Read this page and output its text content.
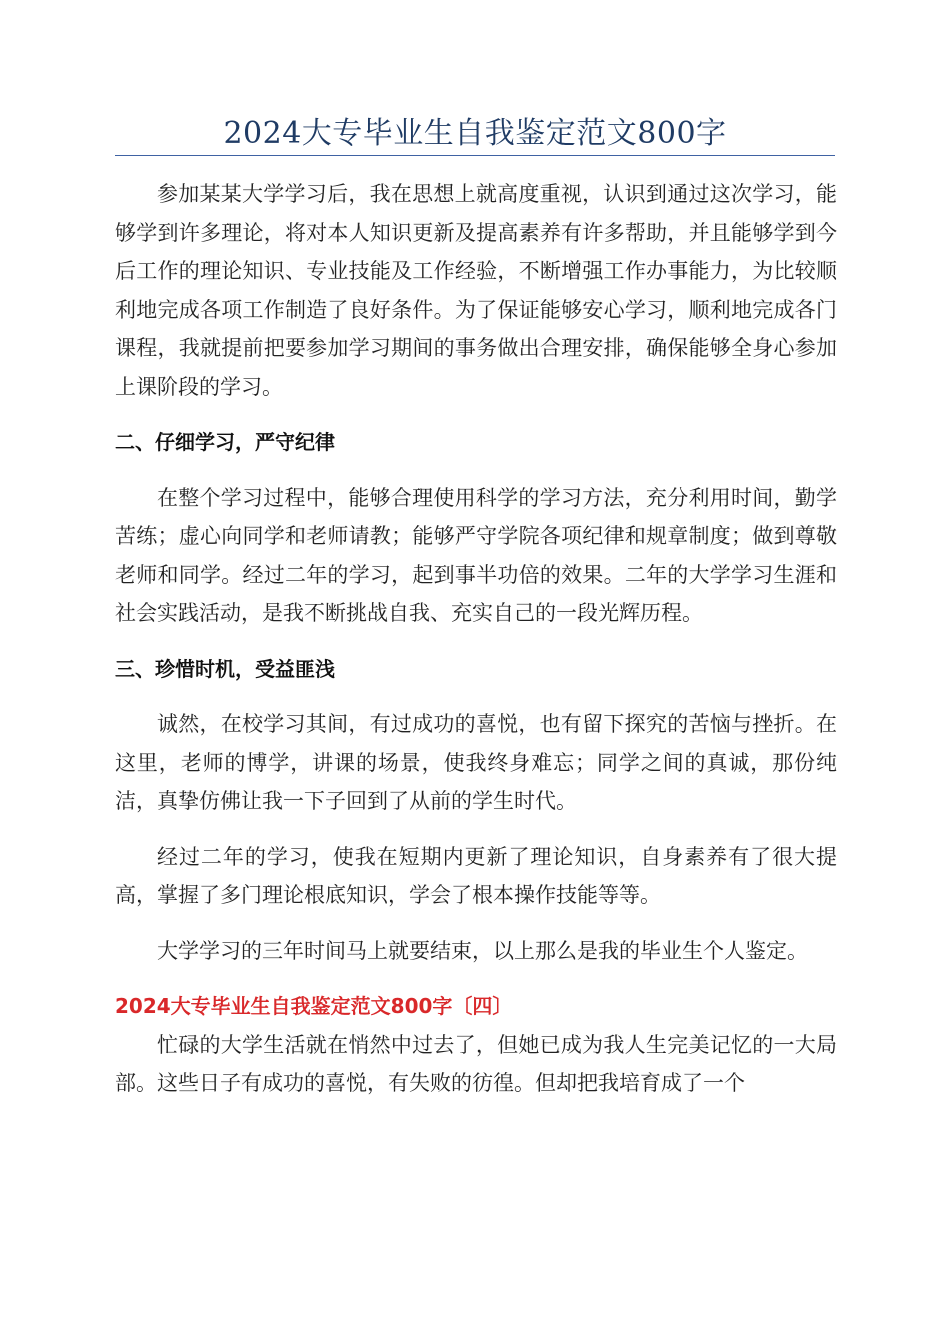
2024大专毕业生自我鉴定范文800字

参加某某大学学习后，我在思想上就高度重视，认识到通过这次学习，能够学到许多理论，将对本人知识更新及提高素养有许多帮助，并且能够学到今后工作的理论知识、专业技能及工作经验，不断增强工作办事能力，为比较顺利地完成各项工作制造了良好条件。为了保证能够安心学习，顺利地完成各门课程，我就提前把要参加学习期间的事务做出合理安排，确保能够全身心参加上课阶段的学习。

二、仔细学习，严守纪律

在整个学习过程中，能够合理使用科学的学习方法，充分利用时间，勤学苦练；虚心向同学和老师请教；能够严守学院各项纪律和规章制度；做到尊敬老师和同学。经过二年的学习，起到事半功倍的效果。二年的大学学习生涯和社会实践活动，是我不断挑战自我、充实自己的一段光辉历程。

三、珍惜时机，受益匪浅

诚然，在校学习其间，有过成功的喜悦，也有留下探究的苦恼与挫折。在这里，老师的博学，讲课的场景，使我终身难忘；同学之间的真诚，那份纯洁，真挚仿佛让我一下子回到了从前的学生时代。

经过二年的学习，使我在短期内更新了理论知识，自身素养有了很大提高，掌握了多门理论根底知识，学会了根本操作技能等等。

大学学习的三年时间马上就要结束，以上那么是我的毕业生个人鉴定。

2024大专毕业生自我鉴定范文800字〔四〕

忙碌的大学生活就在悄然中过去了，但她已成为我人生完美记忆的一大局部。这些日子有成功的喜悦，有失败的彷徨。但却把我培育成了一个
